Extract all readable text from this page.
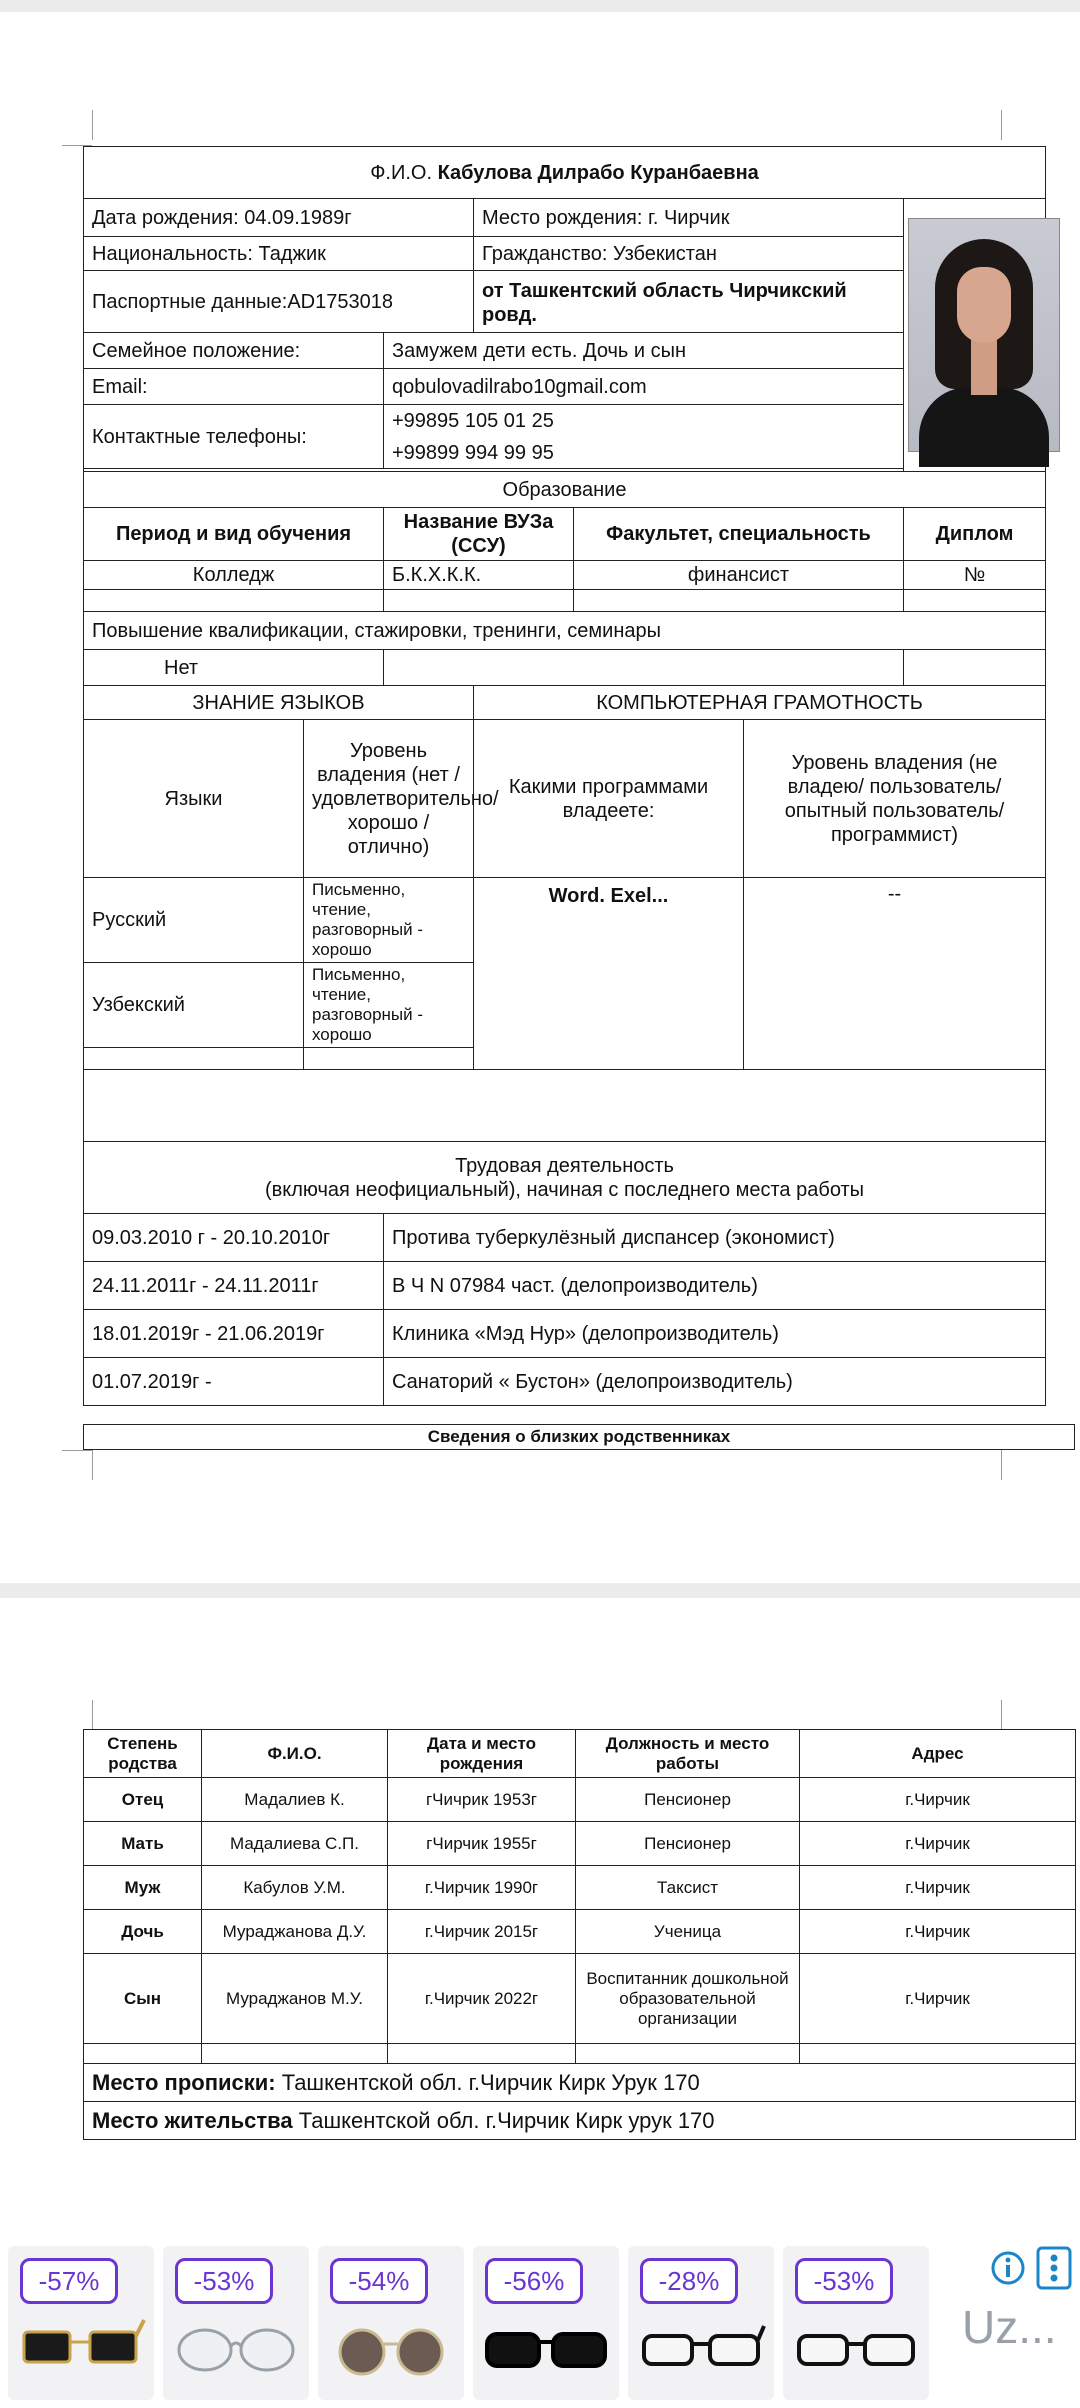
Ф.И.О. Кабулова Дилрабо Куранбаевна						
Дата рождения: 04.09.1989г			Место рождения: г. Чирчик			

Национальность: Таджик			Гражданство: Узбекистан			
Паспортные данные:AD1753018			от Ташкентский область Чирчикский ровд.			
Семейное положение:		Замужем дети есть. Дочь и сын				
Email:		qobulovadilrabo10gmail.com				
Контактные телефоны:		+99895 105 01 25
+99899 994 99 95				

Образование						
Период и вид обучения		Название ВУЗа (ССУ)		Факультет, специальность		Диплом
Колледж		Б.К.Х.К.К.		финансист		№

Повышение квалификации, стажировки, тренинги, семинары						
Нет						
ЗНАНИЕ ЯЗЫКОВ			КОМПЬЮТЕРНАЯ ГРАМОТНОСТЬ			
Языки	Уровень владения (нет / удовлетворительно/ хорошо / отлично)		Какими программами владеете:		Уровень владения (не владею/ пользователь/ опытный пользователь/ программист)	
Русский	Письменно, чтение, разговорный - хорошо		Word. Exel...		--	
Узбекский	Письменно, чтение, разговорный - хорошо					

Трудовая деятельность
(включая неофициальный), начиная с последнего места работы						

09.03.2010 г - 20.10.2010г		Протива туберкулёзный диспансер (экономист)				
24.11.2011г - 24.11.2011г		В Ч N 07984 част. (делопроизводитель)				
18.01.2019г - 21.06.2019г		Клиника «Мэд Нур» (делопроизводитель)				
01.07.2019г -		Санаторий « Бустон» (делопроизводитель)				
Сведения о близких родственниках
Степень родства	Ф.И.О.	Дата и место рождения	Должность и место работы	Адрес
Отец	Мадалиев К.	гЧичрик 1953г	Пенсионер	г.Чирчик
Мать	Мадалиева С.П.	гЧирчик 1955г	Пенсионер	г.Чирчик
Муж	Кабулов У.М.	г.Чирчик 1990г	Таксист	г.Чирчик
Дочь	Мураджанова Д.У.	г.Чирчик 2015г	Ученица	г.Чирчик
Сын	Мураджанов М.У.	г.Чирчик 2022г	Воспитанник дошкольной образовательной организации	г.Чирчик

Место прописки: Ташкентской обл. г.Чирчик Кирк Урук 170				
Место жительства Ташкентской обл. г.Чирчик Кирк урук 170				
-57%	-53%	-54%	-56%	-28%	-53%
Uz...
